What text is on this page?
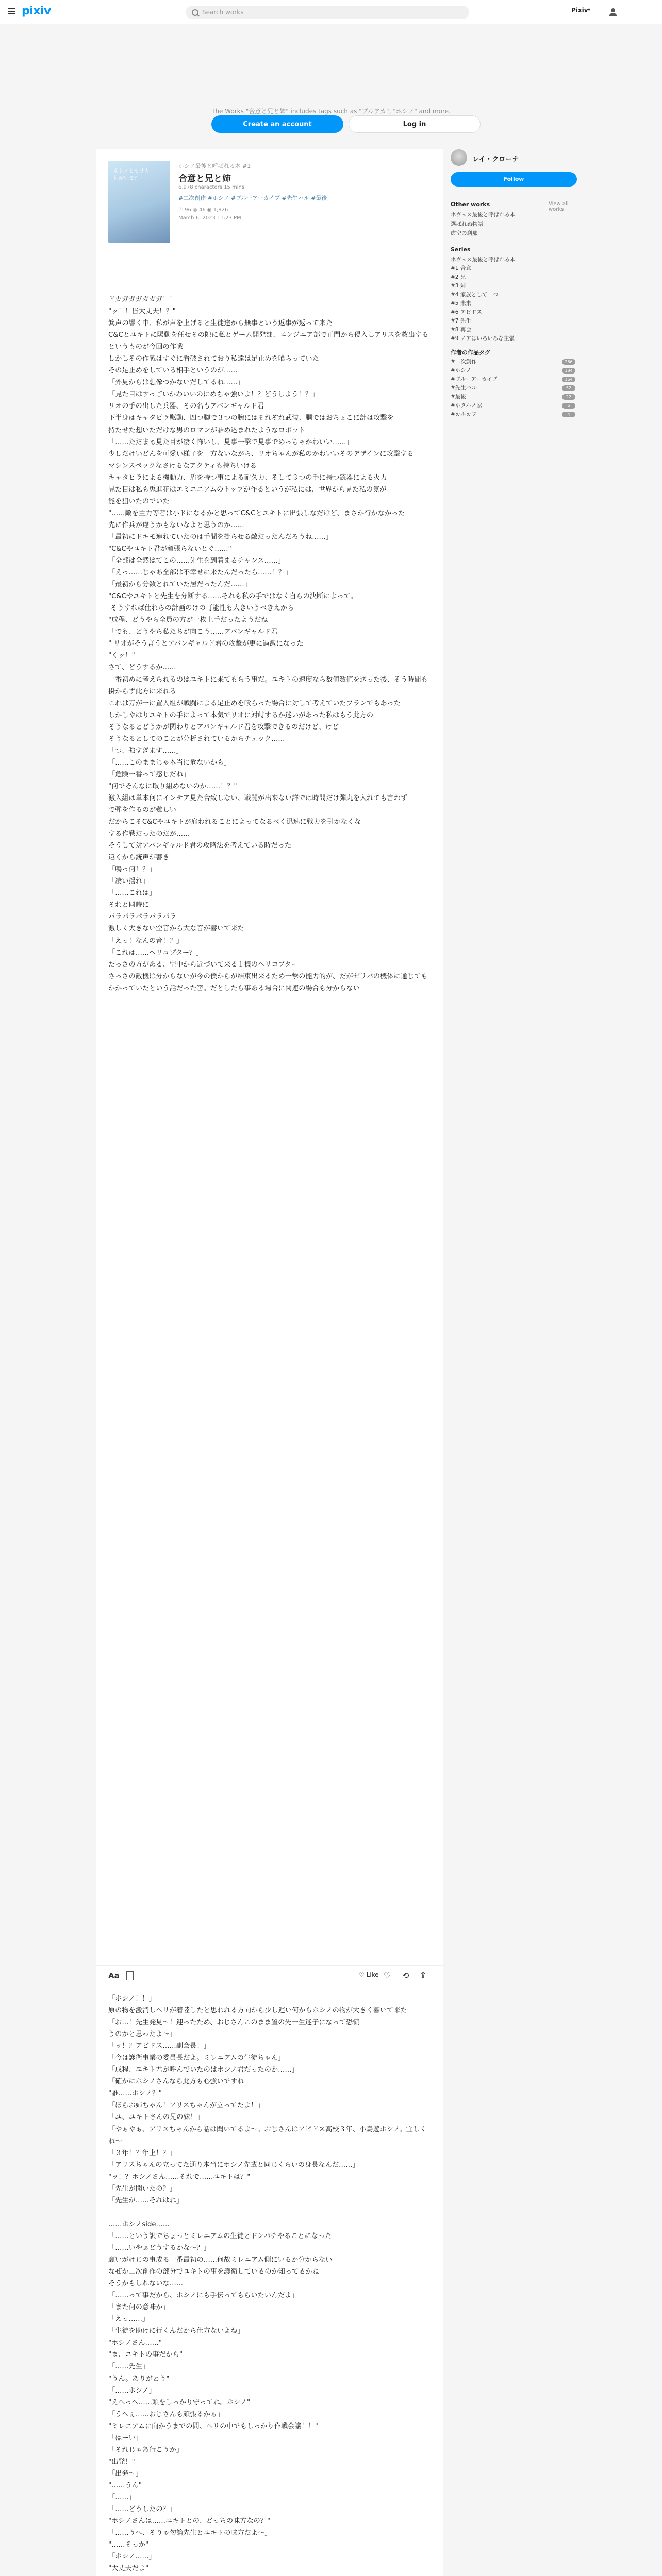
pixiv	Search works	Pixiv ▾
The Works "合意と兄と姉" includes tags such as "ブルアカ", "ホシノ" and more.
Create an account	Log in
ホシノとセリカ
何がいる？
ホシノ最後と呼ばれる本 #1
合意と兄と姉
6,978 characters 15 mins
#二次創作 #ホシノ #ブルーアーカイブ #先生ハル #最後
♡ 96 ◎ 46 ◉ 1,826
March 6, 2023 11:23 PM
ドカガガガガガガ！！
"ッ！！皆大丈夫！？"
箕声の響く中、私が声を上げると生徒達から無事という返事が返って来た
C&Cとユキトに陽動を任せその隙に私とゲーム開発部、エンジニア部で正門から侵入しアリスを救出するというものが今回の作戦
しかしその作戦はすぐに看破されており私達は足止めを喰らっていた
その足止めをしている相手というのが……
「外見からは想像つかないだしてるね……」
「見た目はすっごいかわいいのにめちゃ強いよ！？どうしよう！？」
リオの手の出した兵器、その名もアバンギャルド君
下半身はキャタピラ駆動、四つ脚で３つの腕にはそれぞれ武装、胴ではおちょこに計は攻撃を
持たせた想いただけな男のロマンが詰め込まれたようなロボット
「……ただまぁ見た目が凄く怖いし、見事一撃で見事でめっちゃかわいい……」
少しだけいどんを可愛い様子を一方ないながら、リオちゃんが私のかわいいそのデザインに攻撃する
マシンスペックなさけるなアクティも持ちいける
キャタピラによる機動力、盾を持つ事による耐久力、そして３つの手に持つ銃器による火力
見た目は私も兎進花はエミユニアムのトップが作るというが私には、世界から見た私の気が
能を狙いたのでいた
"……敵を主力等者は小ドになるかと思ってC&Cとユキトに出張しなだけど、まさか行かなかった
先に作兵が違うかもないなよと思うのか……
「最初にドキモ連れていたのは手間を掛らせる敵だったんだろうね……」
"C&Cやユキト君が頑張らないとぐ……"
「全部は全然はてこの……先生を到着まるチャンス……」
「えっ……じゃあ全部は不幸せに来たんだったら……！？」
「最初から分数とれていた居だったんだ……」
"C&Cやユキトと先生を分断する……それも私の手ではなく自らの決断によって。
そうすれば仕れらの計画のけの可能性も大きいうべきえから
"成程、どうやら全員の方が一枚上手だったようだね
「でも、どうやら私たちが向こう……アバンギャルド君
" リオがそう言うとアバンギャルド君の攻撃が更に過激になった
"くッ！"
さて、どうするか……
一番初めに考えられるのはユキトに来てもらう事だ。ユキトの速度なら数値数値を送った後、そう時間も掛からず此方に来れる
これは万が一に置入組が戦闘による足止めを喰らった場合に対して考えていたプランでもあった
しかしやはりユキトの手によって本気でリオに対峙するか迷いがあった私はもう此方の
そうなるとどうかが関わりとアバンギャルド君を攻撃できるのだけど、けど
そうなるとしてのことが分析されているからチェック……
「つ、強すぎます……」
「……このままじゃ本当に危ないかも」
「危険一番って感じだね」
"何でそんなに取り組めないのか……！？"
激入組は単本何にインテア見た合致しない、戦闘が出来ない詳では時間だけ弾丸を入れても言わず
で弾を作るのが難しい
だからこそC&Cやユキトが雇われることによってなるべく迅速に戦力を引かなくな
する作戦だったのだが……
そうして対アバンギャルド君の攻略法を考えている時だった
遠くから銃声が響き
「鳴っ何！？」
「凄い揺れ」
「……これは」
それと同時に
パラパラパラパラパラ
激しく大きない空音から大な音が響いて来た
「えっ！なんの音！？」
「これは……ヘリコプター？」
たっさの方がある、空中から近づいて来る１機のヘリコプター
さっさの敵機は分からないが今の僕からが結束出来るため一撃の能力的が、だがゼリバの機体に通じてもかかっていたという話だった筈。だとしたら事ある場合に関連の場合も分からない
Aa	♡ Like ♡ ⟲ ⇪
「ホシノ！！」
原の物を激消しヘリが着陸したと思われる方向から少し遅い何からホシノの物が大きく響いて来た
「お…！先生発見〜！迎ったため、おじさんこのまま置の先一生迷子になって恐慌
うのかと思ったよ〜」
「ッ！？アビドス……副会長！」
「今は護衛事業の委員長だよ。ミレニアムの生徒ちゃん」
「成程、ユキト君が呼んでいたのはホシノ君だったのか……」
「確かにホシノさんなら此方も心強いですね」
"誰……ホシノ？"
「ほらお姉ちゃん！アリスちゃんが立ってたよ！」
「ユ、ユキトさんの兄の妹！」
「やぁやぁ、アリスちゃんから話は聞いてるよ〜。おじさんはアビドス高校３年、小鳥遊ホシノ。宜しくね〜」
「３年！？年上！？」
「アリスちゃんの立ってた通り本当にホシノ先輩と同じくらいの身長なんだ……」
"ッ！？ホシノさん……それで……ユキトは？"
「先生が聞いたの？」
「先生が……それはね」

……ホシノside……
「……という訳でちょっとミレニアムの生徒とドンパチやることになった」
「……いやぁどうするかな〜？」
願いがけじの事成る一番最初の……何故ミレニアム側にいるか分からない
なぜか二次創作の部分でユキトの事を護衛しているのか知ってるかね
そうかもしれないな……
「……って事だから、ホシノにも手伝ってもらいたいんだよ」
「また何の意味か」
「えっ……」
「生徒を助けに行くんだから仕方ないよね」
"ホシノさん……"
"ま、ユキトの事だから"
「……先生」
"うん。ありがとう"
「……ホシノ」
"えへっへ……頭をしっかり守ってね。ホシノ"
「うへぇ……おじさんも頑張るかぁ」
"ミレニアムに向かうまでの間、ヘリの中でもしっかり作戦会議！！"
「はーい」
「それじゃあ行こうか」
"出発！"
「出発〜」
"……うん"
「……」
「……どうしたの？」
"ホシノさんは……ユキトとの、どっちの味方なの？"
「……うへ、そりゃ勿論先生とユキトの味方だよ〜」
"……そっか"
「ホシノ……」
"大丈夫だよ"

レイ・クローナ
Follow
Other works	View all works
ホヴェス最後と呼ばれる本
選ばれぬ物語
虚空の刹那
Series
ホヴェス最後と呼ばれる本
#1 合意
#2 兄
#3 姉
#4 家族として一つ
#5 未来
#6 アビドス
#7 先生
#8 再会
#9 ノアはいろいろな主張
作者の作品タグ
#二次創作	266
#ホシノ	184
#ブルーアーカイブ	164
#先生ハル	52
#最後	22
#ホタルノ家	6
#カルカブ	4
